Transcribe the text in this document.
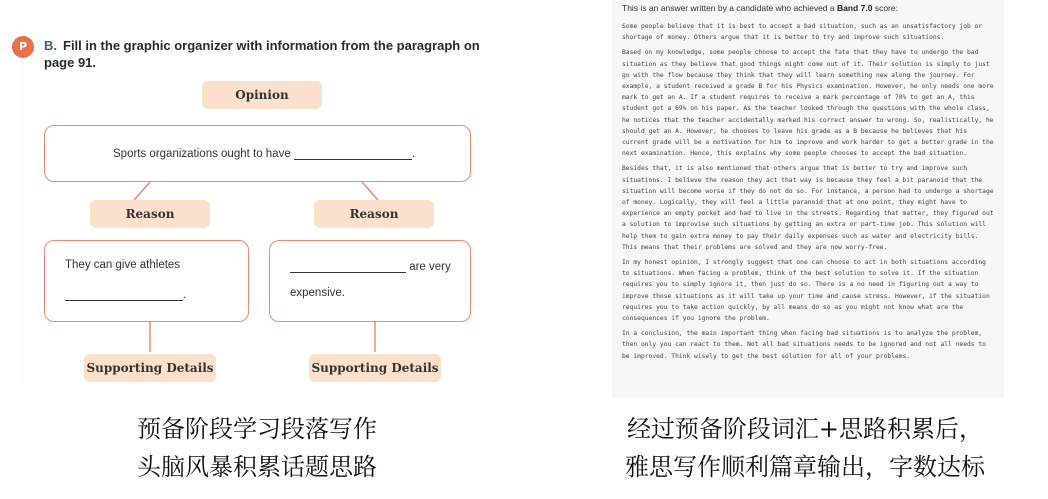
P	B. Fill in the graphic organizer with information from the paragraph on page 91.
Opinion
Sports organizations ought to have	.
Reason	Reason
They can give athletes
.
are very
expensive.
Supporting Details	Supporting Details
This is an answer written by a candidate who achieved a Band 7.0 score:

Some people believe that it is best to accept a bad situation, such as an unsatisfactory job or shortage of money. Others argue that it is better to try and improve such situations.

Based on my knowledge, some people choose to accept the fate that they have to undergo the bad situation as they believe that good things might come out of it. Their solution is simply to just go with the flow because they think that they will learn something new along the journey. For example, a student received a grade B for his Physics examination. However, he only needs one more mark to get an A. If a student requires to receive a mark percentage of 70% to get an A, this student got a 69% on his paper. As the teacher looked through the questions with the whole class, he notices that the teacher accidentally marked his correct answer to wrong. So, realistically, he should get an A. However, he chooses to leave his grade as a B because he believes that his current grade will be a motivation for him to improve and work harder to get a better grade in the next examination. Hence, this explains why some people chooses to accept the bad situation.

Besides that, it is also mentioned that others argue that is better to try and improve such situations. I believe the reason they act that way is because they feel a bit paranoid that the situation will become worse if they do not do so. For instance, a person had to undergo a shortage of money. Logically, they will feel a little paranoid that at one point, they might have to experience an empty pocket and had to live in the streets. Regarding that matter, they figured out a solution to improvise such situations by getting an extra or part-time job. This solution will help them to gain extra money to pay their daily expenses such as water and electricity bills. This means that their problems are solved and they are now worry-free.

In my honest opinion, I strongly suggest that one can choose to act in both situations according to situations. When facing a problem, think of the best solution to solve it. If the situation requires you to simply ignore it, then just do so. There is a no need in figuring out a way to improve those situations as it will take up your time and cause stress. However, if the situation requires you to take action quickly, by all means do so as you might not know what are the consequences if you ignore the problem.

In a conclusion, the main important thing when facing bad situations is to analyze the problem, then only you can react to them. Not all bad situations needs to be ignored and not all needs to be improved. Think wisely to get the best solution for all of your problems.

预备阶段学习段落写作
头脑风暴积累话题思路
经过预备阶段词汇+思路积累后，
雅思写作顺利篇章输出，字数达标
